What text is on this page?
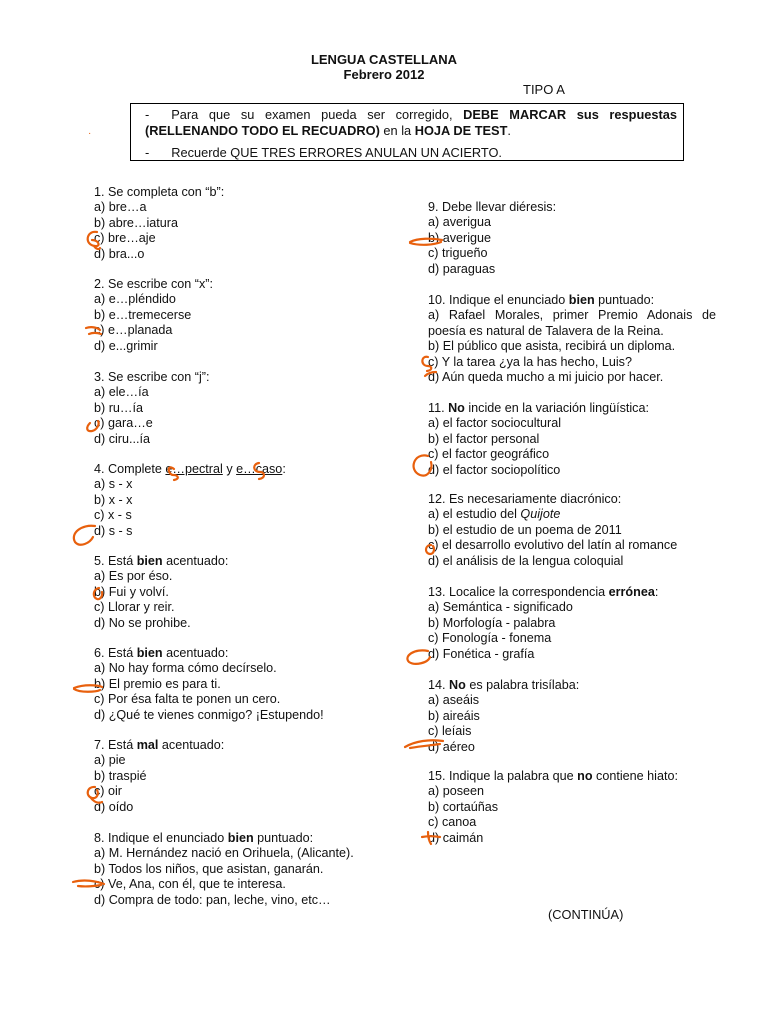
LENGUA CASTELLANA
Febrero 2012
TIPO A
·
- Para que su examen pueda ser corregido, DEBE MARCAR sus respuestas (RELLENANDO TODO EL RECUADRO) en la HOJA DE TEST.
- Recuerde QUE TRES ERRORES ANULAN UN ACIERTO.
1. Se completa con “b”:
a) bre…a
b) abre…iatura
c) bre…aje
d) bra...o
2. Se escribe con “x”:
a) e…pléndido
b) e…tremecerse
c) e…planada
d) e...grimir
3. Se escribe con “j”:
a) ele…ía
b) ru…ía
c) gara…e
d) ciru...ía
4. Complete e…pectral y e…caso:
a) s - x
b) x - x
c) x - s
d) s - s
5. Está bien acentuado:
a) Es por éso.
b) Fui y volví.
c) Llorar y reir.
d) No se prohibe.
6. Está bien acentuado:
a) No hay forma cómo decírselo.
b) El premio es para ti.
c) Por ésa falta te ponen un cero.
d) ¿Qué te vienes conmigo? ¡Estupendo!
7. Está mal acentuado:
a) pie
b) traspié
c) oir
d) oído
8. Indique el enunciado bien puntuado:
a) M. Hernández nació en Orihuela, (Alicante).
b) Todos los niños, que asistan, ganarán.
c) Ve, Ana, con él, que te interesa.
d) Compra de todo: pan, leche, vino, etc…
9. Debe llevar diéresis:
a) averigua
b) averigue
c) trigueño
d) paraguas
10. Indique el enunciado bien puntuado:
a) Rafael Morales, primer Premio Adonais de poesía es natural de Talavera de la Reina.
b) El público que asista, recibirá un diploma.
c) Y la tarea ¿ya la has hecho, Luis?
d) Aún queda mucho a mi juicio por hacer.
11. No incide en la variación lingüística:
a) el factor sociocultural
b) el factor personal
c) el factor geográfico
d) el factor sociopolítico
12. Es necesariamente diacrónico:
a) el estudio del Quijote
b) el estudio de un poema de 2011
c) el desarrollo evolutivo del latín al romance
d) el análisis de la lengua coloquial
13. Localice la correspondencia errónea:
a) Semántica - significado
b) Morfología - palabra
c) Fonología - fonema
d) Fonética - grafía
14. No es palabra trisílaba:
a) aseáis
b) aireáis
c) leíais
d) aéreo
15. Indique la palabra que no contiene hiato:
a) poseen
b) cortaúñas
c) canoa
d) caimán
(CONTINÚA)
